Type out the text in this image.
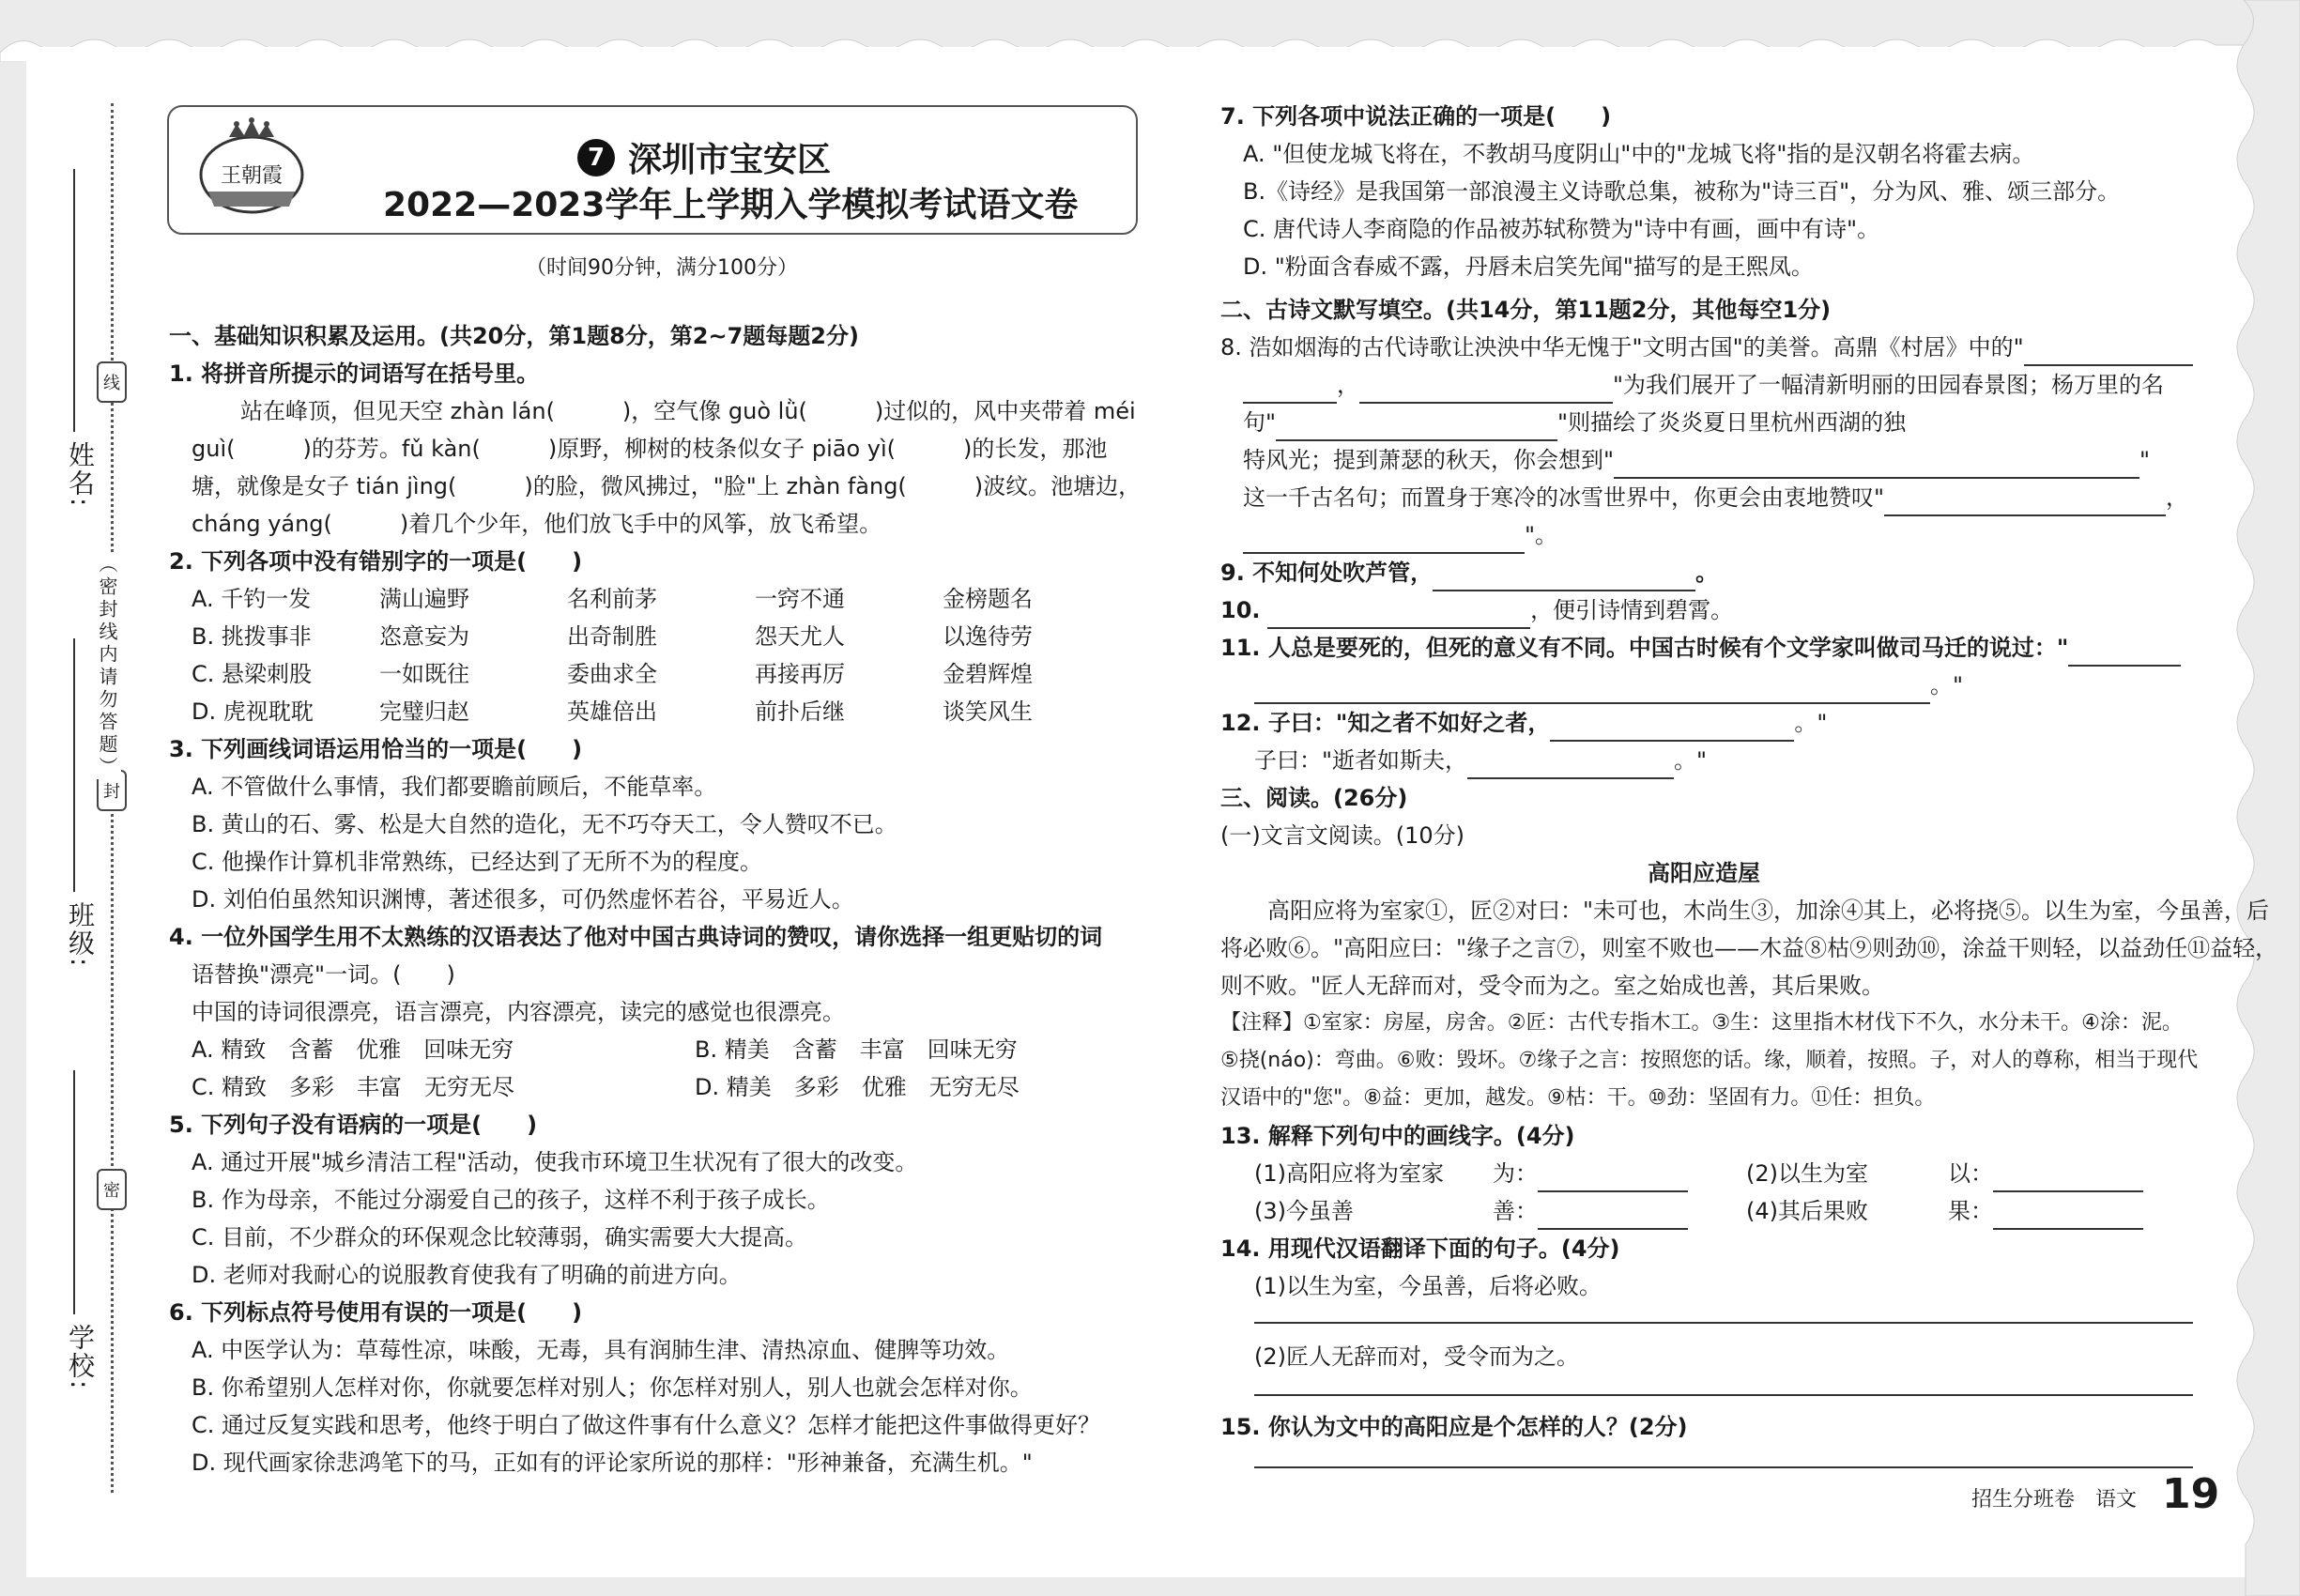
姓名:
班级:
学校:
线
封
密
（密封线内请勿答题）
王朝霞
7 深圳市宝安区
2022—2023学年上学期入学模拟考试语文卷
（时间90分钟，满分100分）
一、基础知识积累及运用。(共20分，第1题8分，第2~7题每题2分)
1. 将拼音所提示的词语写在括号里。
站在峰顶，但见天空 zhàn lán(　　　)，空气像 guò lǜ(　　　)过似的，风中夹带着 méi
guì(　　　)的芬芳。fǔ kàn(　　　)原野，柳树的枝条似女子 piāo yì(　　　)的长发，那池
塘，就像是女子 tián jìng(　　　)的脸，微风拂过，"脸"上 zhàn fàng(　　　)波纹。池塘边，
cháng yáng(　　　)着几个少年，他们放飞手中的风筝，放飞希望。
2. 下列各项中没有错别字的一项是(　　)
A. 千钓一发	满山遍野	名利前茅	一窍不通	金榜题名
B. 挑拨事非	恣意妄为	出奇制胜	怨天尤人	以逸待劳
C. 悬梁刺股	一如既往	委曲求全	再接再厉	金碧辉煌
D. 虎视耽耽	完璧归赵	英雄倍出	前扑后继	谈笑风生
3. 下列画线词语运用恰当的一项是(　　)
A. 不管做什么事情，我们都要瞻前顾后，不能草率。
B. 黄山的石、雾、松是大自然的造化，无不巧夺天工，令人赞叹不已。
C. 他操作计算机非常熟练，已经达到了无所不为的程度。
D. 刘伯伯虽然知识渊博，著述很多，可仍然虚怀若谷，平易近人。
4. 一位外国学生用不太熟练的汉语表达了他对中国古典诗词的赞叹，请你选择一组更贴切的词
语替换"漂亮"一词。(　　)
中国的诗词很漂亮，语言漂亮，内容漂亮，读完的感觉也很漂亮。
A. 精致　含蓄　优雅　回味无穷	B. 精美　含蓄　丰富　回味无穷
C. 精致　多彩　丰富　无穷无尽	D. 精美　多彩　优雅　无穷无尽
5. 下列句子没有语病的一项是(　　)
A. 通过开展"城乡清洁工程"活动，使我市环境卫生状况有了很大的改变。
B. 作为母亲，不能过分溺爱自己的孩子，这样不利于孩子成长。
C. 目前，不少群众的环保观念比较薄弱，确实需要大大提高。
D. 老师对我耐心的说服教育使我有了明确的前进方向。
6. 下列标点符号使用有误的一项是(　　)
A. 中医学认为：草莓性凉，味酸，无毒，具有润肺生津、清热凉血、健脾等功效。
B. 你希望别人怎样对你，你就要怎样对别人；你怎样对别人，别人也就会怎样对你。
C. 通过反复实践和思考，他终于明白了做这件事有什么意义？怎样才能把这件事做得更好？
D. 现代画家徐悲鸿笔下的马，正如有的评论家所说的那样："形神兼备，充满生机。"
7. 下列各项中说法正确的一项是(　　)
A. "但使龙城飞将在，不教胡马度阴山"中的"龙城飞将"指的是汉朝名将霍去病。
B.《诗经》是我国第一部浪漫主义诗歌总集，被称为"诗三百"，分为风、雅、颂三部分。
C. 唐代诗人李商隐的作品被苏轼称赞为"诗中有画，画中有诗"。
D. "粉面含春威不露，丹唇未启笑先闻"描写的是王熙凤。
二、古诗文默写填空。(共14分，第11题2分，其他每空1分)
8. 浩如烟海的古代诗歌让泱泱中华无愧于"文明古国"的美誉。高鼎《村居》中的"
，	"为我们展开了一幅清新明丽的田园春景图；杨万里的名
句"	"则描绘了炎炎夏日里杭州西湖的独
特风光；提到萧瑟的秋天，你会想到"	"
这一千古名句；而置身于寒冷的冰雪世界中，你更会由衷地赞叹"	，
"。
9. 不知何处吹芦管，	。
10.	，便引诗情到碧霄。
11. 人总是要死的，但死的意义有不同。中国古时候有个文学家叫做司马迁的说过："
。"
12. 子曰："知之者不如好之者，	。"
子曰："逝者如斯夫，	。"
三、阅读。(26分)
(一)文言文阅读。(10分)
高阳应造屋
高阳应将为室家①，匠②对曰："未可也，木尚生③，加涂④其上，必将挠⑤。以生为室，今虽善，后
将必败⑥。"高阳应曰："缘子之言⑦，则室不败也——木益⑧枯⑨则劲⑩，涂益干则轻，以益劲任⑪益轻，
则不败。"匠人无辞而对，受令而为之。室之始成也善，其后果败。
【注释】①室家：房屋，房舍。②匠：古代专指木工。③生：这里指木材伐下不久，水分未干。④涂：泥。
⑤挠(náo)：弯曲。⑥败：毁坏。⑦缘子之言：按照您的话。缘，顺着，按照。子，对人的尊称，相当于现代
汉语中的"您"。⑧益：更加，越发。⑨枯：干。⑩劲：坚固有力。⑪任：担负。
13. 解释下列句中的画线字。(4分)
(1)高阳应将为室家 为：	(2)以生为室	以：
(3)今虽善	善：	(4)其后果败	果：
14. 用现代汉语翻译下面的句子。(4分)
(1)以生为室，今虽善，后将必败。
(2)匠人无辞而对，受令而为之。
15. 你认为文中的高阳应是个怎样的人？(2分)
招生分班卷　语文 19
